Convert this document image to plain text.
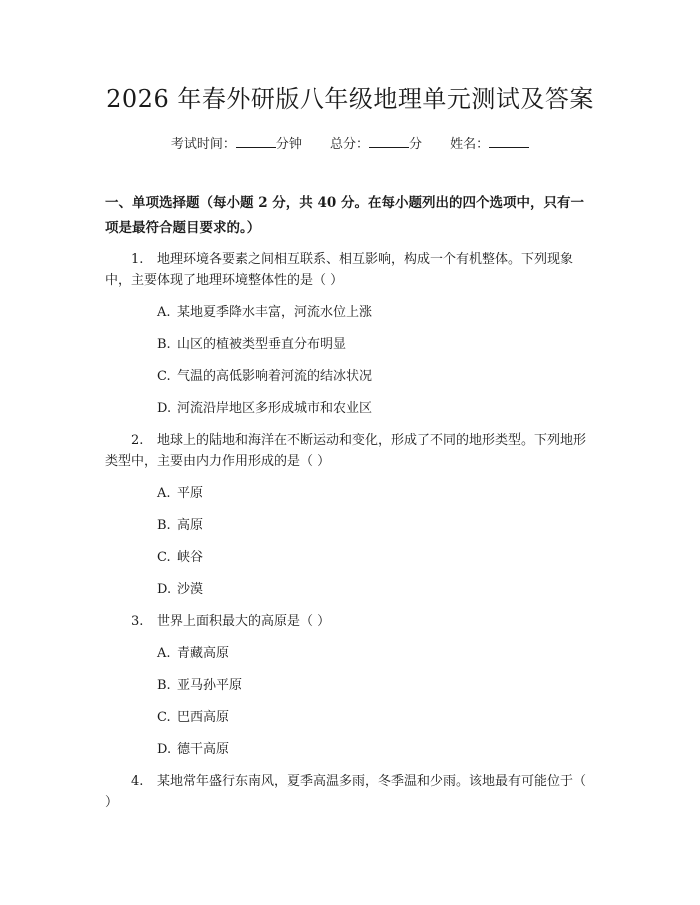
2026 年春外研版八年级地理单元测试及答案
考试时间：	分钟 总分：	分 姓名：

一、单项选择题（每小题 2 分，共 40 分。在每小题列出的四个选项中，只有一项是最符合题目要求的。）

1. 地理环境各要素之间相互联系、相互影响，构成一个有机整体。下列现象中，主要体现了地理环境整体性的是（ ）

A. 某地夏季降水丰富，河流水位上涨
B. 山区的植被类型垂直分布明显
C. 气温的高低影响着河流的结冰状况
D. 河流沿岸地区多形成城市和农业区

2. 地球上的陆地和海洋在不断运动和变化，形成了不同的地形类型。下列地形类型中，主要由内力作用形成的是（ ）

A. 平原
B. 高原
C. 峡谷
D. 沙漠

3. 世界上面积最大的高原是（ ）

A. 青藏高原
B. 亚马孙平原
C. 巴西高原
D. 德干高原

4. 某地常年盛行东南风，夏季高温多雨，冬季温和少雨。该地最有可能位于（ ）
